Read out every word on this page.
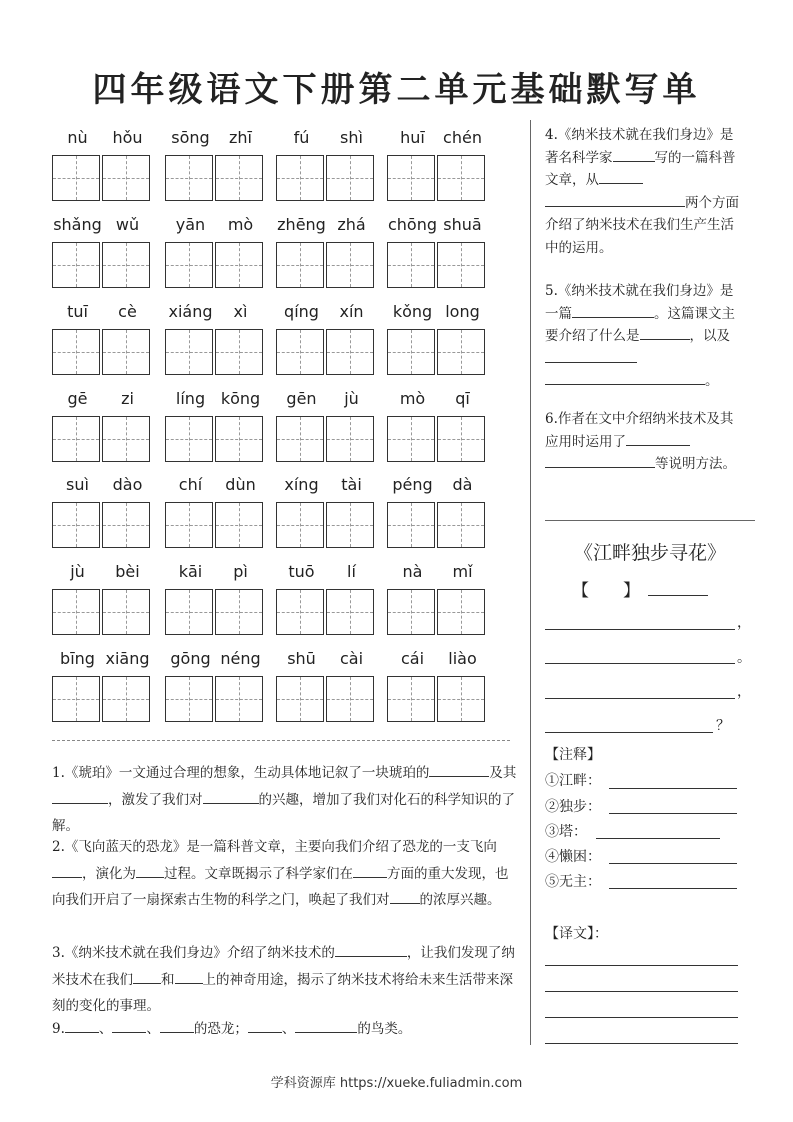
四年级语文下册第二单元基础默写单
nù	hǒu	sōng	zhī	fú	shì	huī	chén
shǎng wǔ	yān	mò	zhēng zhá	chōng shuā
tuī	cè	xiáng	xì	qíng	xín	kǒng long
gē	zi	líng kōng	gēn	jù	mò	qī
suì	dào	chí	dùn	xíng	tài	péng	dà
jù	bèi	kāi	pì	tuō	lí	nà	mǐ
bīng xiāng	gōng néng	shū	cài	cái	liào
1.《琥珀》一文通过合理的想象，生动具体地记叙了一块琥珀的	及其，激发了我们对	的兴趣，增加了我们对化石的科学知识的了解。
2.《飞向蓝天的恐龙》是一篇科普文章，主要向我们介绍了恐龙的一支飞向，演化为 过程。文章既揭示了科学家们在	方面的重大发现，也向我们开启了一扇探索古生物的科学之门，唤起了我们对 的浓厚兴趣。
3.《纳米技术就在我们身边》介绍了纳米技术的	，让我们发现了纳米技术在我们 和 上的神奇用途，揭示了纳米技术将给未来生活带来深刻的变化的事理。
9.	、	、	的恐龙；	、	的鸟类。
4.《纳米技术就在我们身边》是著名科学家	写的一篇科普文章，从两个方面介绍了纳米技术在我们生产生活中的运用。
5.《纳米技术就在我们身边》是一篇	。这篇课文主要介绍了什么是	，以及。
6.作者在文中介绍纳米技术及其应用时运用了等说明方法。
《江畔独步寻花》
【　　】
，
。
，
？
【注释】
①江畔：
②独步：
③塔：
④懒困：
⑤无主：
【译文】：
学科资源库 https://xueke.fuliadmin.com
